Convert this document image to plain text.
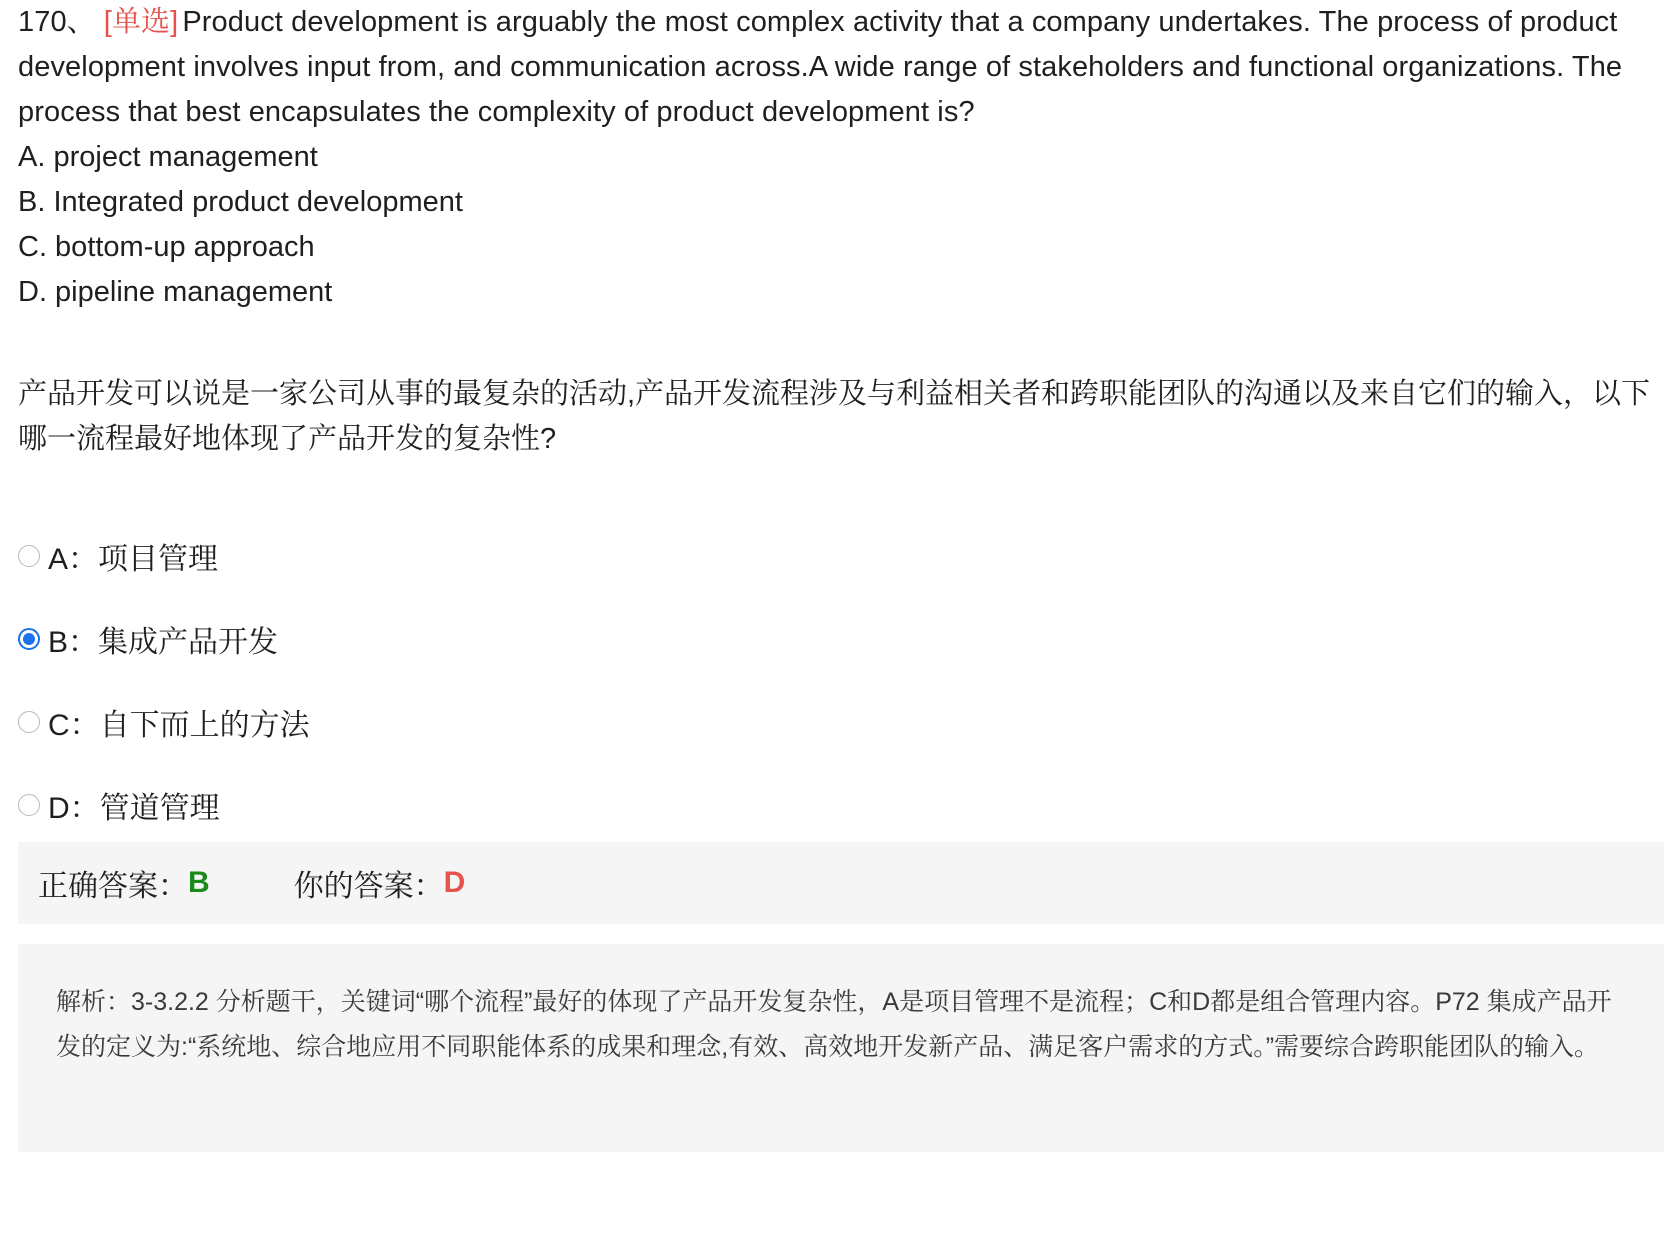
170、 [单选] Product development is arguably the most complex activity that a company undertakes. The process of product development involves input from, and communication across.A wide range of stakeholders and functional organizations. The process that best encapsulates the complexity of product development is?
A. project management
B. Integrated product development
C. bottom-up approach
D. pipeline management
产品开发可以说是一家公司从事的最复杂的活动,产品开发流程涉及与利益相关者和跨职能团队的沟通以及来自它们的输入，以下哪一流程最好地体现了产品开发的复杂性?
A：项目管理
B：集成产品开发
C：自下而上的方法
D：管道管理
正确答案： B	你的答案： D
解析：3-3.2.2 分析题干，关键词“哪个流程”最好的体现了产品开发复杂性，A是项目管理不是流程；C和D都是组合管理内容。P72 集成产品开发的定义为:“系统地、综合地应用不同职能体系的成果和理念,有效、高效地开发新产品、满足客户需求的方式。”需要综合跨职能团队的输入。
